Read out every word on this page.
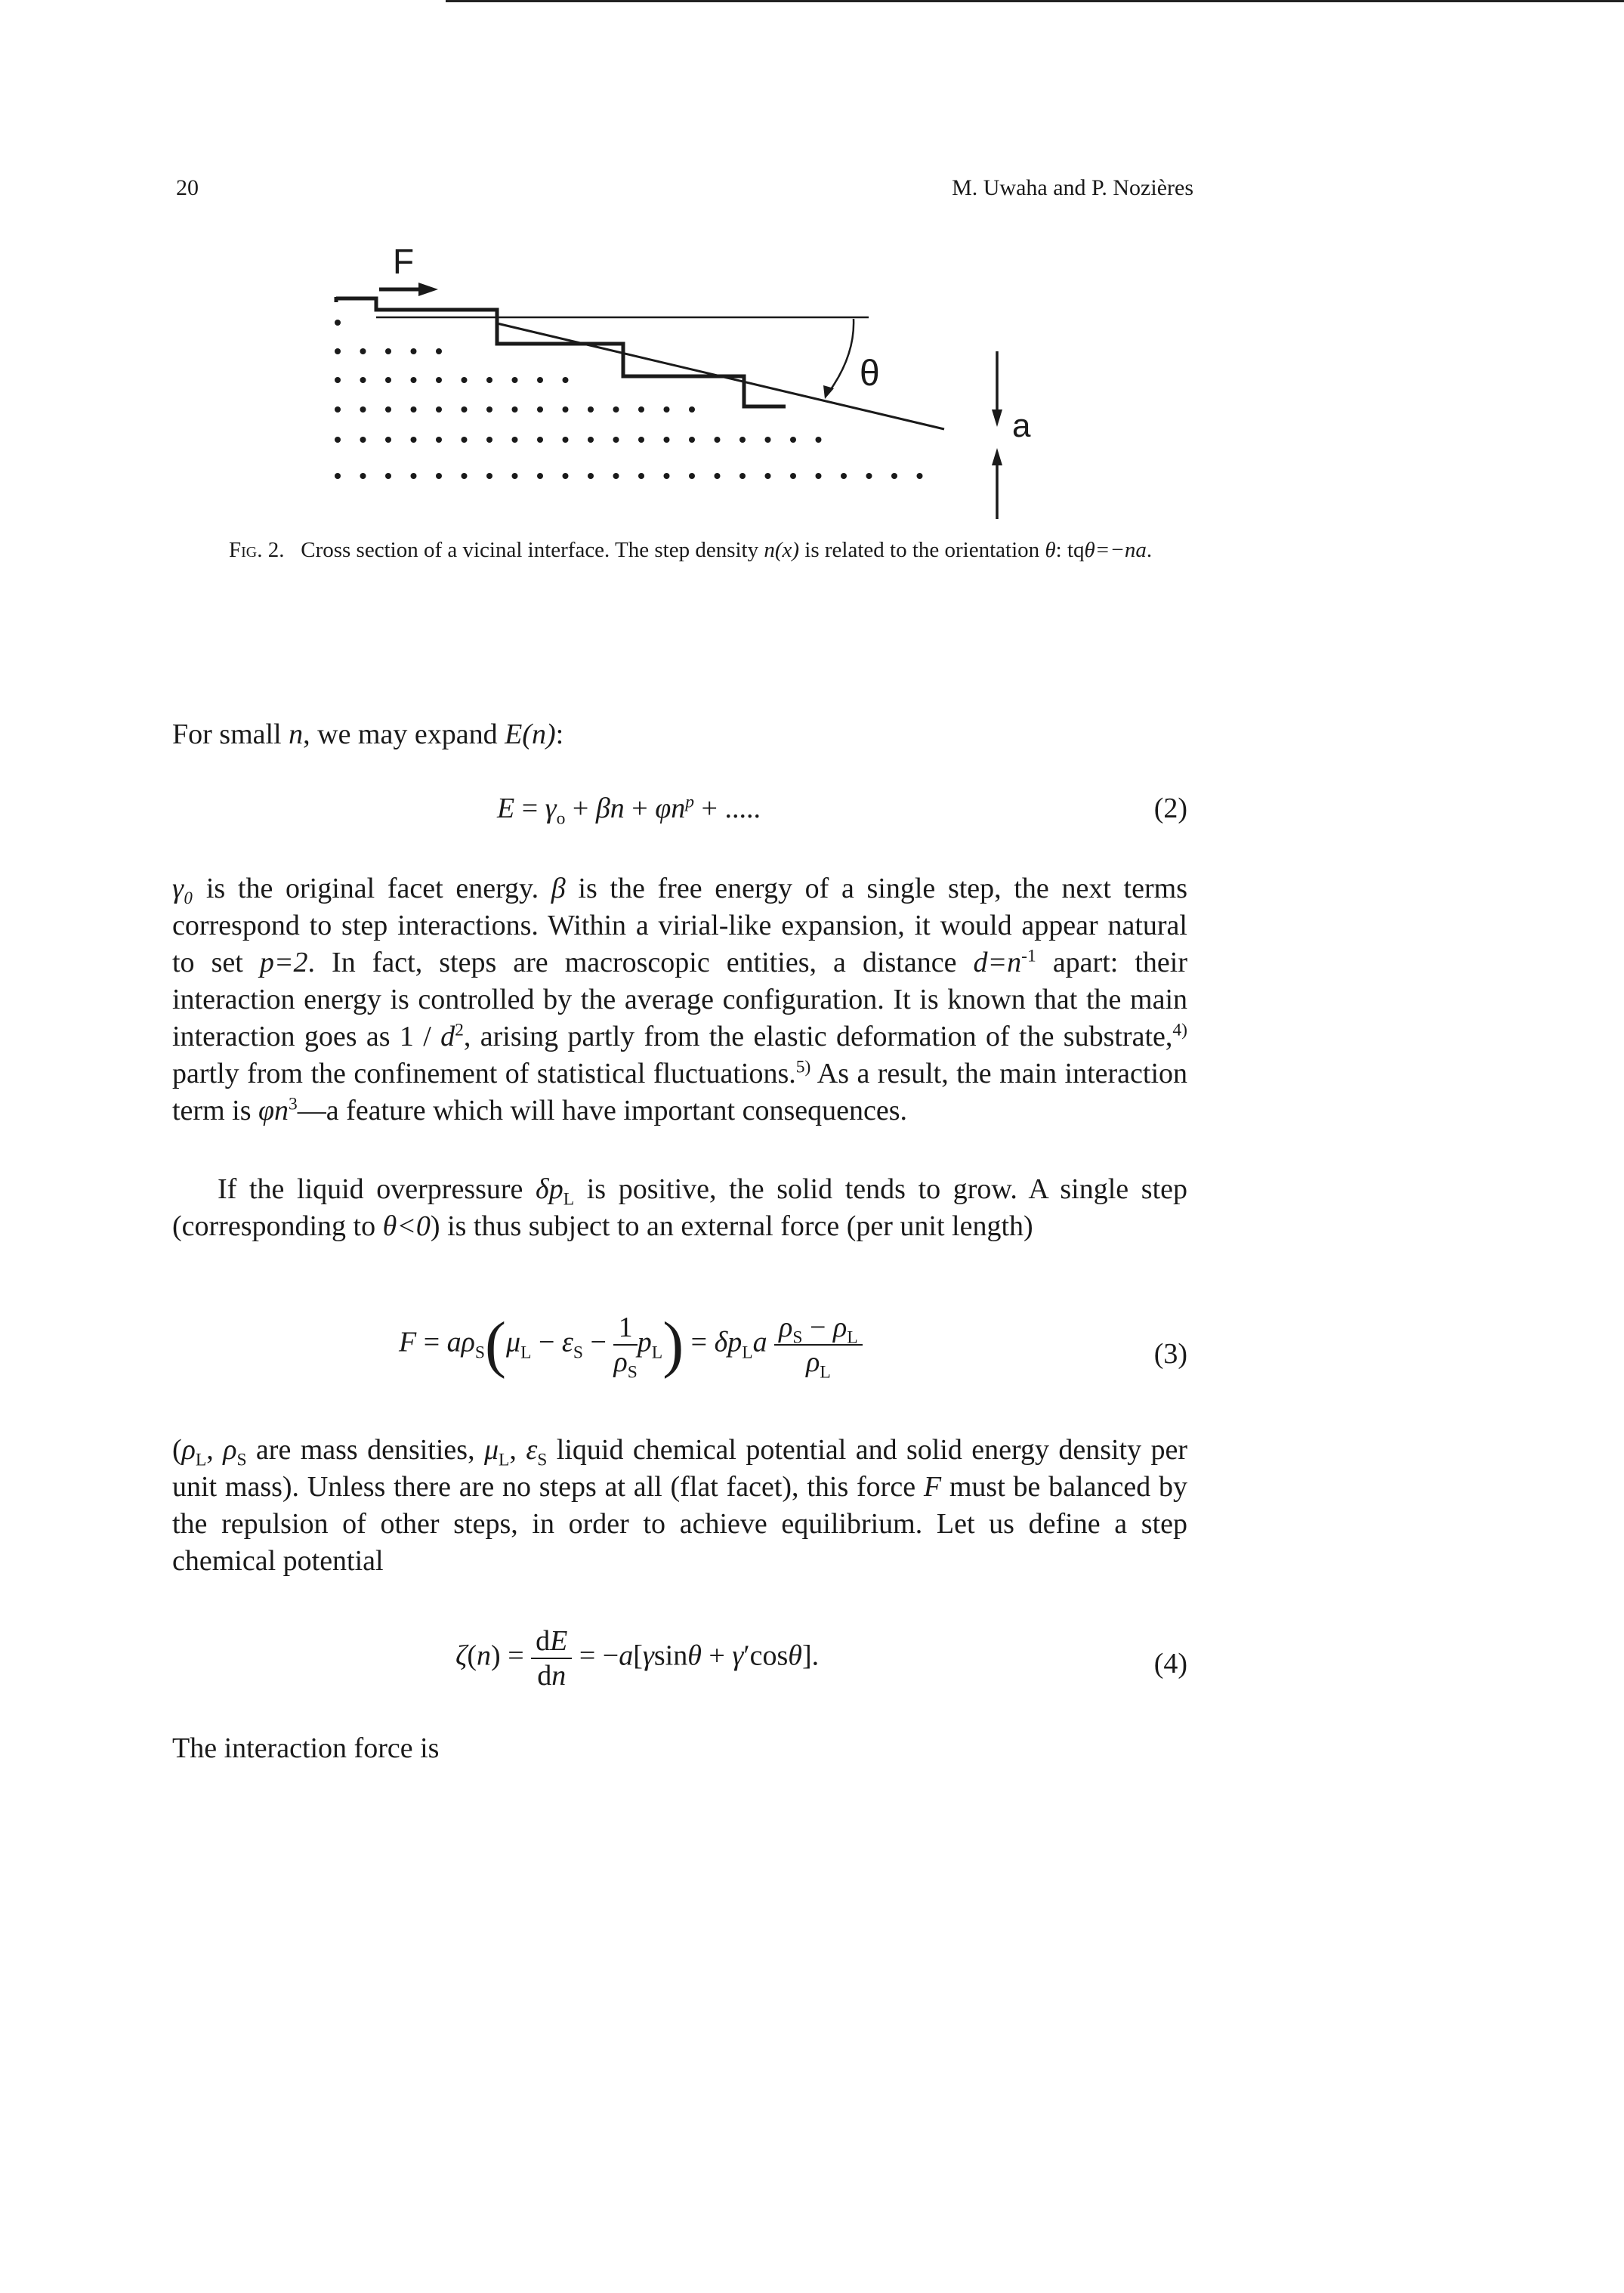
20	M. Uwaha and P. Nozières
F
θ
a
Fig. 2. Cross section of a vicinal interface. The step density n(x) is related to the orientation θ: tqθ=−na.
For small n, we may expand E(n):
$E = \gamma_o + \beta n + \varphi n^p$ + .....	(2)
γ₀ is the original facet energy. β is the free energy of a single step, the next terms correspond to step interactions. Within a virial-like expansion, it would appear natural to set p=2. In fact, steps are macroscopic entities, a distance $d=n^{-1}$ apart: their interaction energy is controlled by the average configuration. It is known that the main interaction goes as $1 / d^2$, arising partly from the elastic deformation of the substrate,$^{4)}$ partly from the confinement of statistical fluctuations.$^{5)}$ As a result, the main interaction term is $\varphi n^3—a$ feature which will have important consequences.
If the liquid overpressure $\delta p_L$ is positive, the solid tends to grow. A single step (corresponding to θ<0) is thus subject to an external force (per unit length)
$F = a\rho_S(\mu_L - \varepsilon_S - \frac{1}{\rho_S} p_L) = \delta p_La \frac{\rho_S - \rho_L}{\rho_L}$	(3)
($\rho_L$, $\rho_S$ are mass densities, $\mu_L$, $\varepsilon_S$ liquid chemical potential and solid energy density per unit mass). Unless there are no steps at all (flat facet), this force F must be balanced by the repulsion of other steps, in order to achieve equilibrium. Let us define a step chemical potential
$\zeta(n) = \frac{dE}{dn} = -a[\gamma\sin\theta + \gamma'\cos\theta]$.	(4)
The interaction force is
